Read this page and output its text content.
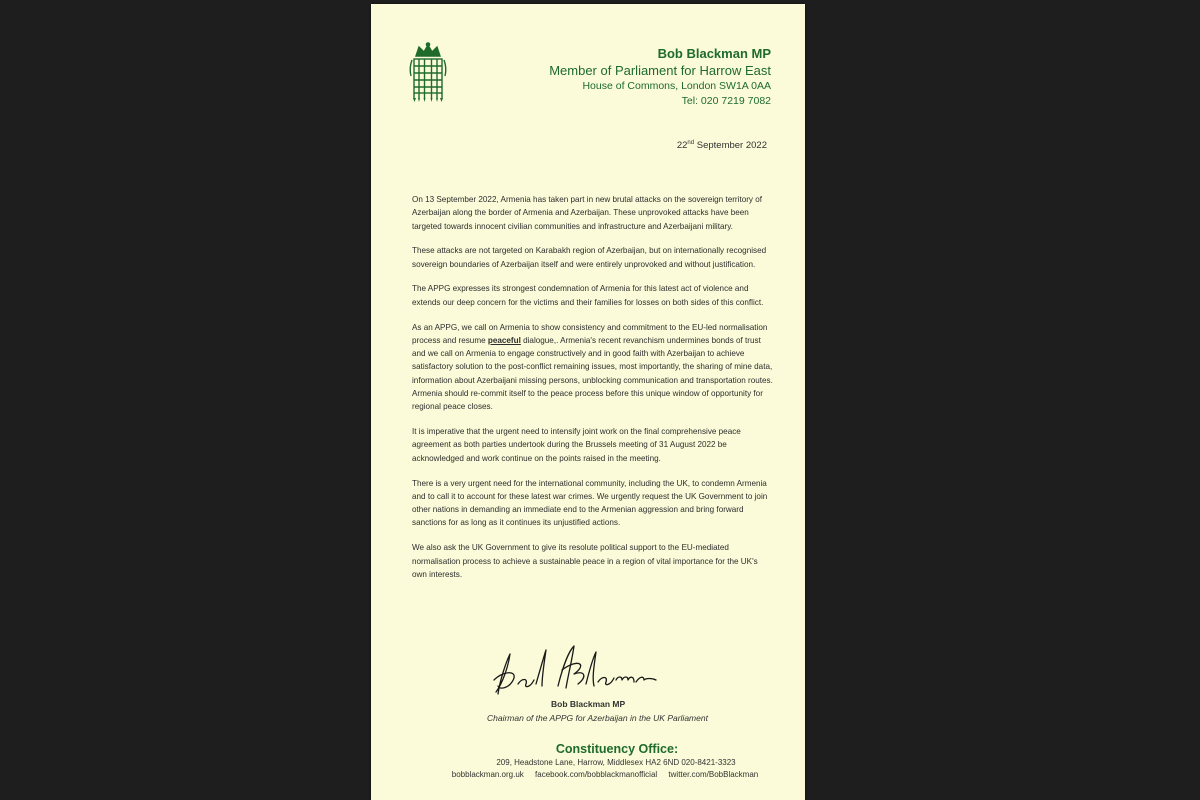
Bob Blackman MP
Member of Parliament for Harrow East
House of Commons, London SW1A 0AA
Tel: 020 7219 7082
22nd September 2022

On 13 September 2022, Armenia has taken part in new brutal attacks on the sovereign territory of Azerbaijan along the border of Armenia and Azerbaijan. These unprovoked attacks have been targeted towards innocent civilian communities and infrastructure and Azerbaijani military.

These attacks are not targeted on Karabakh region of Azerbaijan, but on internationally recognised sovereign boundaries of Azerbaijan itself and were entirely unprovoked and without justification.

The APPG expresses its strongest condemnation of Armenia for this latest act of violence and extends our deep concern for the victims and their families for losses on both sides of this conflict.

As an APPG, we call on Armenia to show consistency and commitment to the EU-led normalisation process and resume peaceful dialogue,. Armenia's recent revanchism undermines bonds of trust and we call on Armenia to engage constructively and in good faith with Azerbaijan to achieve satisfactory solution to the post-conflict remaining issues, most importantly, the sharing of mine data, information about Azerbaijani missing persons, unblocking communication and transportation routes. Armenia should re-commit itself to the peace process before this unique window of opportunity for regional peace closes.

It is imperative that the urgent need to intensify joint work on the final comprehensive peace agreement as both parties undertook during the Brussels meeting of 31 August 2022 be acknowledged and work continue on the points raised in the meeting.

There is a very urgent need for the international community, including the UK, to condemn Armenia and to call it to account for these latest war crimes. We urgently request the UK Government to join other nations in demanding an immediate end to the Armenian aggression and bring forward sanctions for as long as it continues its unjustified actions.

We also ask the UK Government to give its resolute political support to the EU-mediated normalisation process to achieve a sustainable peace in a region of vital importance for the UK's own interests.

Bob Blackman MP
Chairman of the APPG for Azerbaijan in the UK Parliament
Constituency Office:
209, Headstone Lane, Harrow, Middlesex HA2 6ND 020-8421-3323
bobblackman.org.uk facebook.com/bobblackmanofficial twitter.com/BobBlackman
